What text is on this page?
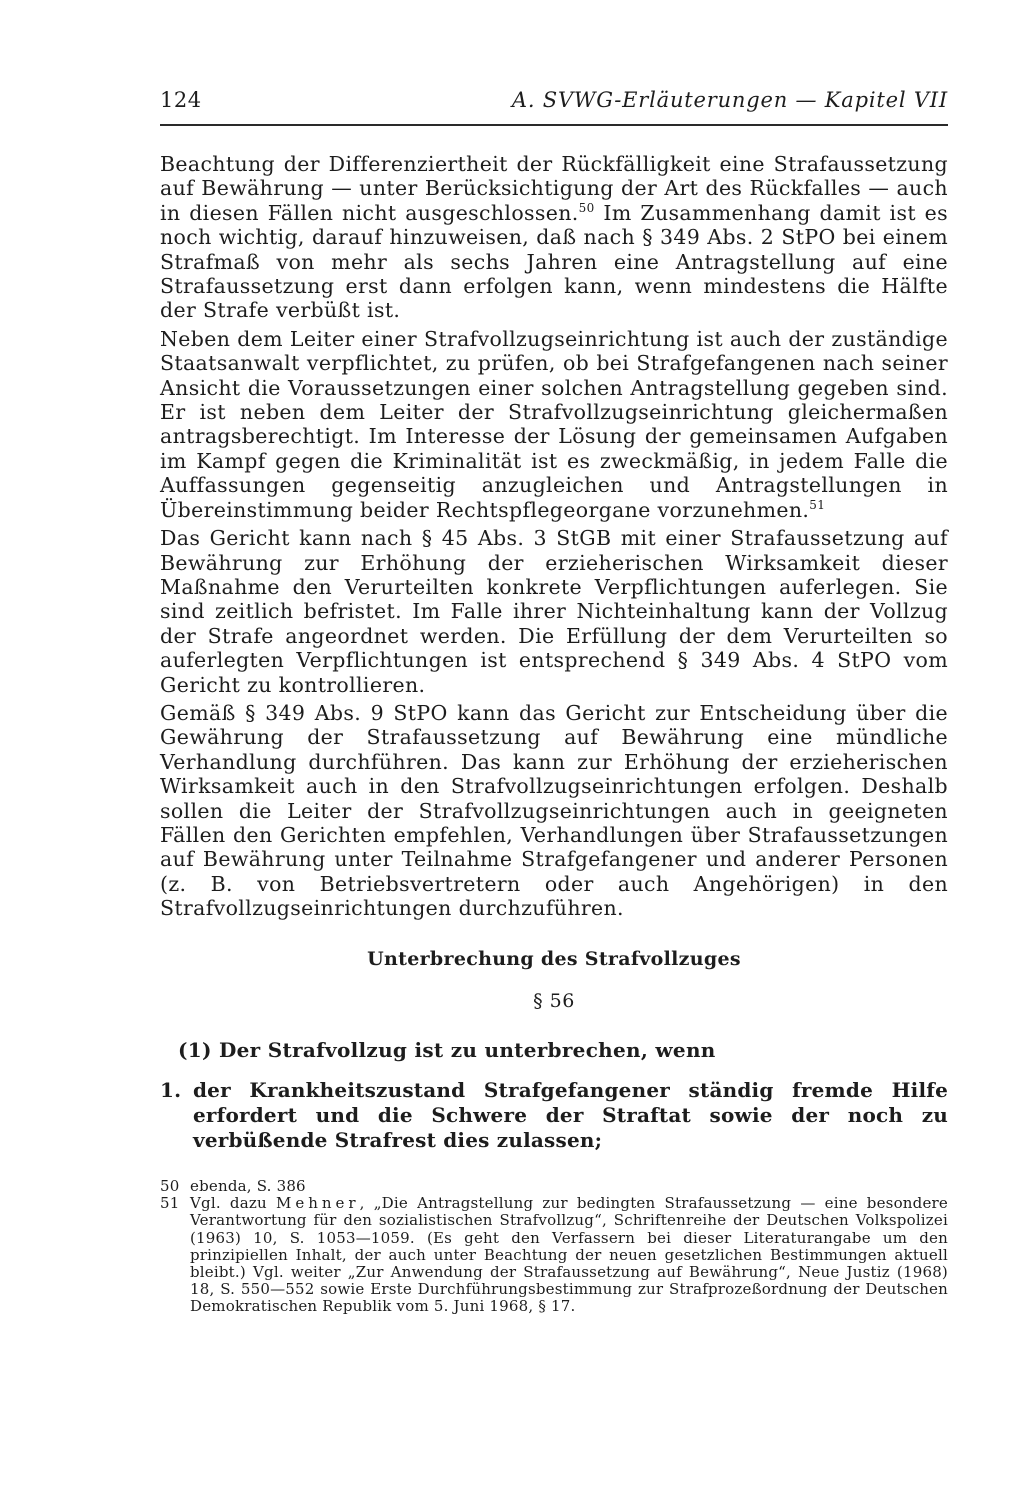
124	A. SVWG-Erläuterungen — Kapitel VII

Beachtung der Differenziertheit der Rückfälligkeit eine Strafaussetzung auf Bewährung — unter Berücksichtigung der Art des Rückfalles — auch in diesen Fällen nicht ausgeschlossen.$^{50}$ Im Zusammenhang damit ist es noch wichtig, darauf hinzuweisen, daß nach § 349 Abs. 2 StPO bei einem Strafmaß von mehr als sechs Jahren eine Antragstellung auf eine Strafaussetzung erst dann erfolgen kann, wenn mindestens die Hälfte der Strafe verbüßt ist.

Neben dem Leiter einer Strafvollzugseinrichtung ist auch der zuständige Staatsanwalt verpflichtet, zu prüfen, ob bei Strafgefangenen nach seiner Ansicht die Voraussetzungen einer solchen Antragstellung gegeben sind. Er ist neben dem Leiter der Strafvollzugseinrichtung gleichermaßen antragsberechtigt. Im Interesse der Lösung der gemeinsamen Aufgaben im Kampf gegen die Kriminalität ist es zweckmäßig, in jedem Falle die Auffassungen gegenseitig anzugleichen und Antragstellungen in Übereinstimmung beider Rechtspflegeorgane vorzunehmen.$^{51}$

Das Gericht kann nach § 45 Abs. 3 StGB mit einer Strafaussetzung auf Bewährung zur Erhöhung der erzieherischen Wirksamkeit dieser Maßnahme den Verurteilten konkrete Verpflichtungen auferlegen. Sie sind zeitlich befristet. Im Falle ihrer Nichteinhaltung kann der Vollzug der Strafe angeordnet werden. Die Erfüllung der dem Verurteilten so auferlegten Verpflichtungen ist entsprechend § 349 Abs. 4 StPO vom Gericht zu kontrollieren.

Gemäß § 349 Abs. 9 StPO kann das Gericht zur Entscheidung über die Gewährung der Strafaussetzung auf Bewährung eine mündliche Verhandlung durchführen. Das kann zur Erhöhung der erzieherischen Wirksamkeit auch in den Strafvollzugseinrichtungen erfolgen. Deshalb sollen die Leiter der Strafvollzugseinrichtungen auch in geeigneten Fällen den Gerichten empfehlen, Verhandlungen über Strafaussetzungen auf Bewährung unter Teilnahme Strafgefangener und anderer Personen (z. B. von Betriebsvertretern oder auch Angehörigen) in den Strafvollzugseinrichtungen durchzuführen.

Unterbrechung des Strafvollzuges
§ 56
(1) Der Strafvollzug ist zu unterbrechen, wenn
1. der Krankheitszustand Strafgefangener ständig fremde Hilfe erfordert und die Schwere der Straftat sowie der noch zu verbüßende Strafrest dies zulassen;
50 ebenda, S. 386
51 Vgl. dazu Mehner, „Die Antragstellung zur bedingten Strafaussetzung — eine besondere Verantwortung für den sozialistischen Strafvollzug“, Schriftenreihe der Deutschen Volkspolizei (1963) 10, S. 1053—1059. (Es geht den Verfassern bei dieser Literaturangabe um den prinzipiellen Inhalt, der auch unter Beachtung der neuen gesetzlichen Bestimmungen aktuell bleibt.) Vgl. weiter „Zur Anwendung der Strafaussetzung auf Bewährung“, Neue Justiz (1968) 18, S. 550—552 sowie Erste Durchführungsbestimmung zur Strafprozeßordnung der Deutschen Demokratischen Republik vom 5. Juni 1968, § 17.
